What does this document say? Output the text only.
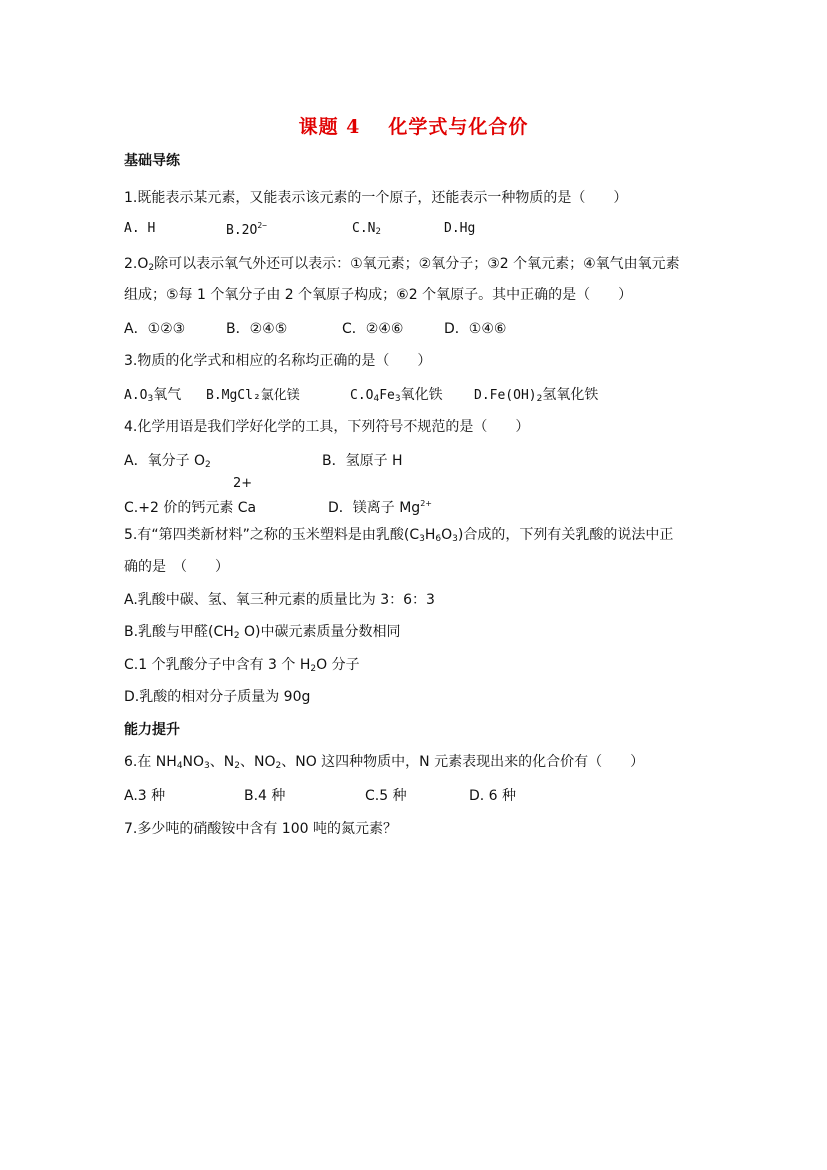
课题 4 化学式与化合价
基础导练
1.既能表示某元素，又能表示该元素的一个原子，还能表示一种物质的是（　　）
A. H	$B.2O^{2-}$	$C.N_2$	D.Hg
$2.O_2$除可以表示氧气外还可以表示：①氧元素；②氧分子；③2 个氧元素；④氧气由氧元素
组成；⑤每 1 个氧分子由 2 个氧原子构成；⑥2 个氧原子。其中正确的是（　　）
A．①②③	B．②④⑤	C．②④⑥	D．①④⑥
3.物质的化学式和相应的名称均正确的是（　　）
$A.O_3$氧气 B.MgCl₂氯化镁	$C.O_4Fe_3$氧化铁 $D.Fe(OH)_2$氢氧化铁
4.化学用语是我们学好化学的工具，下列符号不规范的是（　　）
A．氧分子 $O_2$	B．氢原子 H
2+
C.+2 价的钙元素 Ca	D．镁离子 $Mg^{2+}$
5.有“第四类新材料”之称的玉米塑料是由乳酸$(C_3H_6O_3)$合成的，下列有关乳酸的说法中正
确的是　（　　）
A.乳酸中碳、氢、氧三种元素的质量比为 3：6：3
B.乳酸与甲醛($CH_2$ O)中碳元素质量分数相同
C.1 个乳酸分子中含有 3 个 $H_2O$ 分子
D.乳酸的相对分子质量为 90g
能力提升
6.在 $NH_4NO_3$、$N_2$、$NO_2$、NO 这四种物质中，N 元素表现出来的化合价有（　　）
A.3 种	B.4 种	C.5 种	D. 6 种
7.多少吨的硝酸铵中含有 100 吨的氮元素？
